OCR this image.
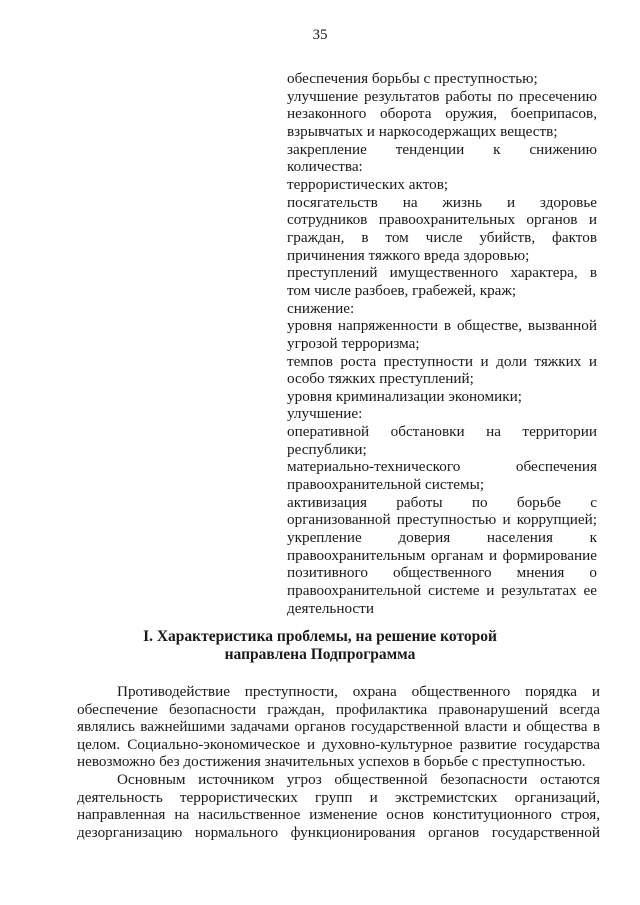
35
обеспечения борьбы с преступностью;
улучшение результатов работы по пресечению
незаконного оборота оружия, боеприпасов,
взрывчатых и наркосодержащих веществ;
закрепление тенденции к снижению
количества:
террористических актов;
посягательств на жизнь и здоровье
сотрудников правоохранительных органов и
граждан, в том числе убийств, фактов
причинения тяжкого вреда здоровью;
преступлений имущественного характера, в
том числе разбоев, грабежей, краж;
снижение:
уровня напряженности в обществе, вызванной
угрозой терроризма;
темпов роста преступности и доли тяжких и
особо тяжких преступлений;
уровня криминализации экономики;
улучшение:
оперативной обстановки на территории
республики;
материально-технического обеспечения
правоохранительной системы;
активизация работы по борьбе с
организованной преступностью и коррупцией;
укрепление доверия населения к
правоохранительным органам и формирование
позитивного общественного мнения о
правоохранительной системе и результатах ее
деятельности
I. Характеристика проблемы, на решение которой
направлена Подпрограмма
Противодействие преступности, охрана общественного порядка и
обеспечение безопасности граждан, профилактика правонарушений всегда
являлись важнейшими задачами органов государственной власти и общества в
целом. Социально-экономическое и духовно-культурное развитие государства
невозможно без достижения значительных успехов в борьбе с преступностью.
Основным источником угроз общественной безопасности остаются
деятельность террористических групп и экстремистских организаций,
направленная на насильственное изменение основ конституционного строя,
дезорганизацию нормального функционирования органов государственной
